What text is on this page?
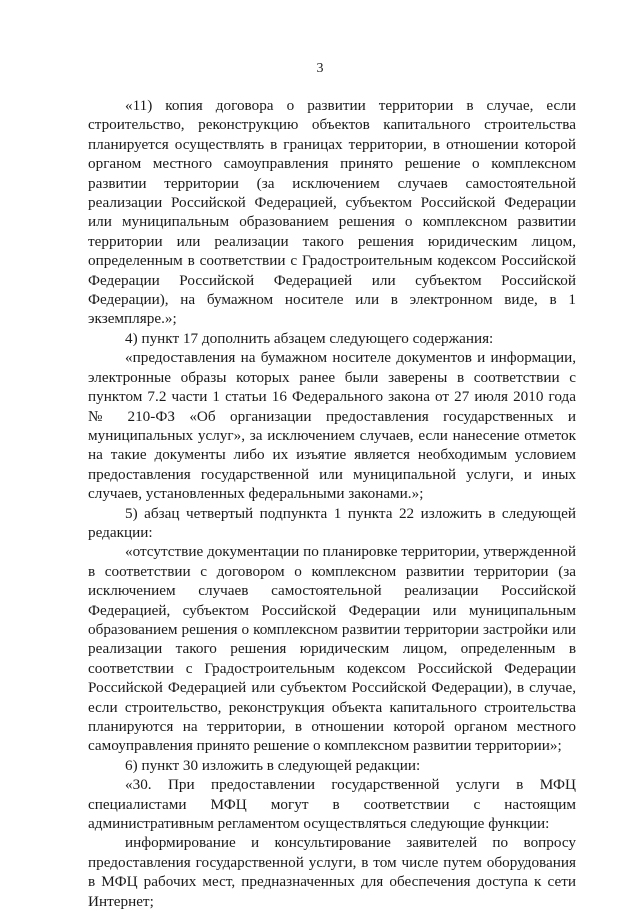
3

«11) копия договора о развитии территории в случае, если строительство, реконструкцию объектов капитального строительства планируется осуществлять в границах территории, в отношении которой органом местного самоуправления принято решение о комплексном развитии территории (за исключением случаев самостоятельной реализации Российской Федерацией, субъектом Российской Федерации или муниципальным образованием решения о комплексном развитии территории или реализации такого решения юридическим лицом, определенным в соответствии с Градостроительным кодексом Российской Федерации Российской Федерацией или субъектом Российской Федерации), на бумажном носителе или в электронном виде, в 1 экземпляре.»;

4) пункт 17 дополнить абзацем следующего содержания:

«предоставления на бумажном носителе документов и информации, электронные образы которых ранее были заверены в соответствии с пунктом 7.2 части 1 статьи 16 Федерального закона от 27 июля 2010 года № 210-ФЗ «Об организации предоставления государственных и муниципальных услуг», за исключением случаев, если нанесение отметок на такие документы либо их изъятие является необходимым условием предоставления государственной или муниципальной услуги, и иных случаев, установленных федеральными законами.»;

5) абзац четвертый подпункта 1 пункта 22 изложить в следующей редакции:

«отсутствие документации по планировке территории, утвержденной в соответствии с договором о комплексном развитии территории (за исключением случаев самостоятельной реализации Российской Федерацией, субъектом Российской Федерации или муниципальным образованием решения о комплексном развитии территории застройки или реализации такого решения юридическим лицом, определенным в соответствии с Градостроительным кодексом Российской Федерации Российской Федерацией или субъектом Российской Федерации), в случае, если строительство, реконструкция объекта капитального строительства планируются на территории, в отношении которой органом местного самоуправления принято решение о комплексном развитии территории»;

6) пункт 30 изложить в следующей редакции:

«30. При предоставлении государственной услуги в МФЦ специалистами МФЦ могут в соответствии с настоящим административным регламентом осуществляться следующие функции:

информирование и консультирование заявителей по вопросу предоставления государственной услуги, в том числе путем оборудования в МФЦ рабочих мест, предназначенных для обеспечения доступа к сети Интернет;
